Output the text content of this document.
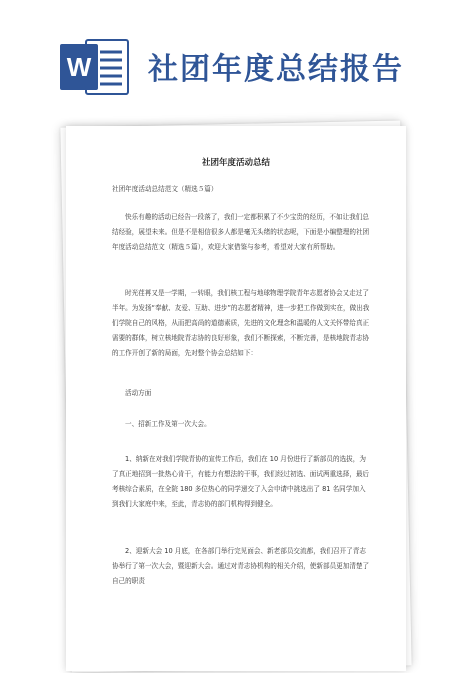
W 社团年度总结报告
社团年度活动总结
社团年度活动总结范文（精选５篇）
快乐有趣的活动已经告一段落了，我们一定都积累了不少宝贵的经历，不如让我们总结经验，展望未来。但是不是相信很多人都是毫无头绪的状态呢，下面是小编整理的社团年度活动总结范文（精选５篇），欢迎大家借鉴与参考，希望对大家有所帮助。
时光荏苒又是一学期，一转眼，我们核工程与地球物理学院青年志愿者协会又走过了半年。为发扬“奉献、友爱、互助、进步”的志愿者精神，进一步把工作做到实在，做出我们学院自己的风格，从而把高尚的道德素质，先进的文化理念和温暖的人文关怀带给真正需要的群体，树立核地院青志协的良好形象，我们不断探索，不断完善，是核地院青志协的工作开创了新的局面，先对整个协会总结如下：
活动方面
一、招新工作及第一次大会。
1、纳新在对我们学院青协的宣传工作后，我们在 10 月份进行了新部员的选拔，为了真正地招到一批热心肯干，有能力有想法的干事，我们经过初选、面试两重选择，最后考核综合素质，在全院 180 多位热心的同学递交了入会申请中挑选出了 81 名同学加入到我们大家庭中来，至此，青志协的部门机构得到健全。
2、迎新大会 10 月底，在各部门举行完见面会、新老部员交流都，我们召开了青志协举行了第一次大会，暨迎新大会。通过对青志协机构的相关介绍，使新部员更加清楚了自己的职责
